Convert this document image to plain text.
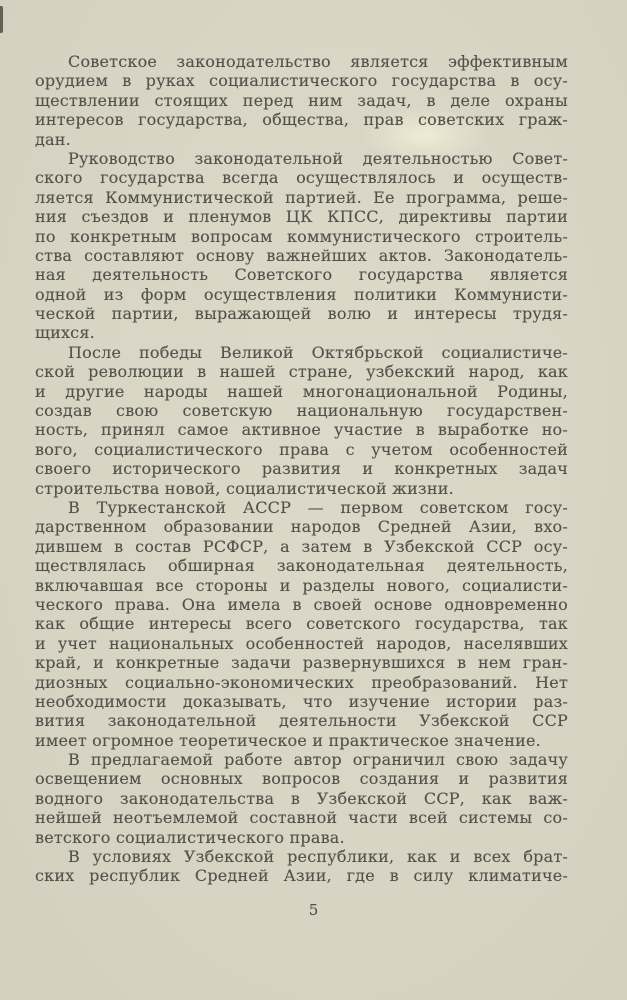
Советское законодательство является эффективным
орудием в руках социалистического государства в осу-
ществлении стоящих перед ним задач, в деле охраны
интересов государства, общества, прав советских граж-
дан.
Руководство законодательной деятельностью Совет-
ского государства всегда осуществлялось и осуществ-
ляется Коммунистической партией. Ее программа, реше-
ния съездов и пленумов ЦК КПСС, директивы партии
по конкретным вопросам коммунистического строитель-
ства составляют основу важнейших актов. Законодатель-
ная деятельность Советского государства является
одной из форм осуществления политики Коммунисти-
ческой партии, выражающей волю и интересы трудя-
щихся.
После победы Великой Октябрьской социалистиче-
ской революции в нашей стране, узбекский народ, как
и другие народы нашей многонациональной Родины,
создав свою советскую национальную государствен-
ность, принял самое активное участие в выработке но-
вого, социалистического права с учетом особенностей
своего исторического развития и конкретных задач
строительства новой, социалистической жизни.
В Туркестанской АССР — первом советском госу-
дарственном образовании народов Средней Азии, вхо-
дившем в состав РСФСР, а затем в Узбекской ССР осу-
ществлялась обширная законодательная деятельность,
включавшая все стороны и разделы нового, социалисти-
ческого права. Она имела в своей основе одновременно
как общие интересы всего советского государства, так
и учет национальных особенностей народов, населявших
край, и конкретные задачи развернувшихся в нем гран-
диозных социально-экономических преобразований. Нет
необходимости доказывать, что изучение истории раз-
вития законодательной деятельности Узбекской ССР
имеет огромное теоретическое и практическое значение.
В предлагаемой работе автор ограничил свою задачу
освещением основных вопросов создания и развития
водного законодательства в Узбекской ССР, как важ-
нейшей неотъемлемой составной части всей системы со-
ветского социалистического права.
В условиях Узбекской республики, как и всех брат-
ских республик Средней Азии, где в силу климатиче-
5
